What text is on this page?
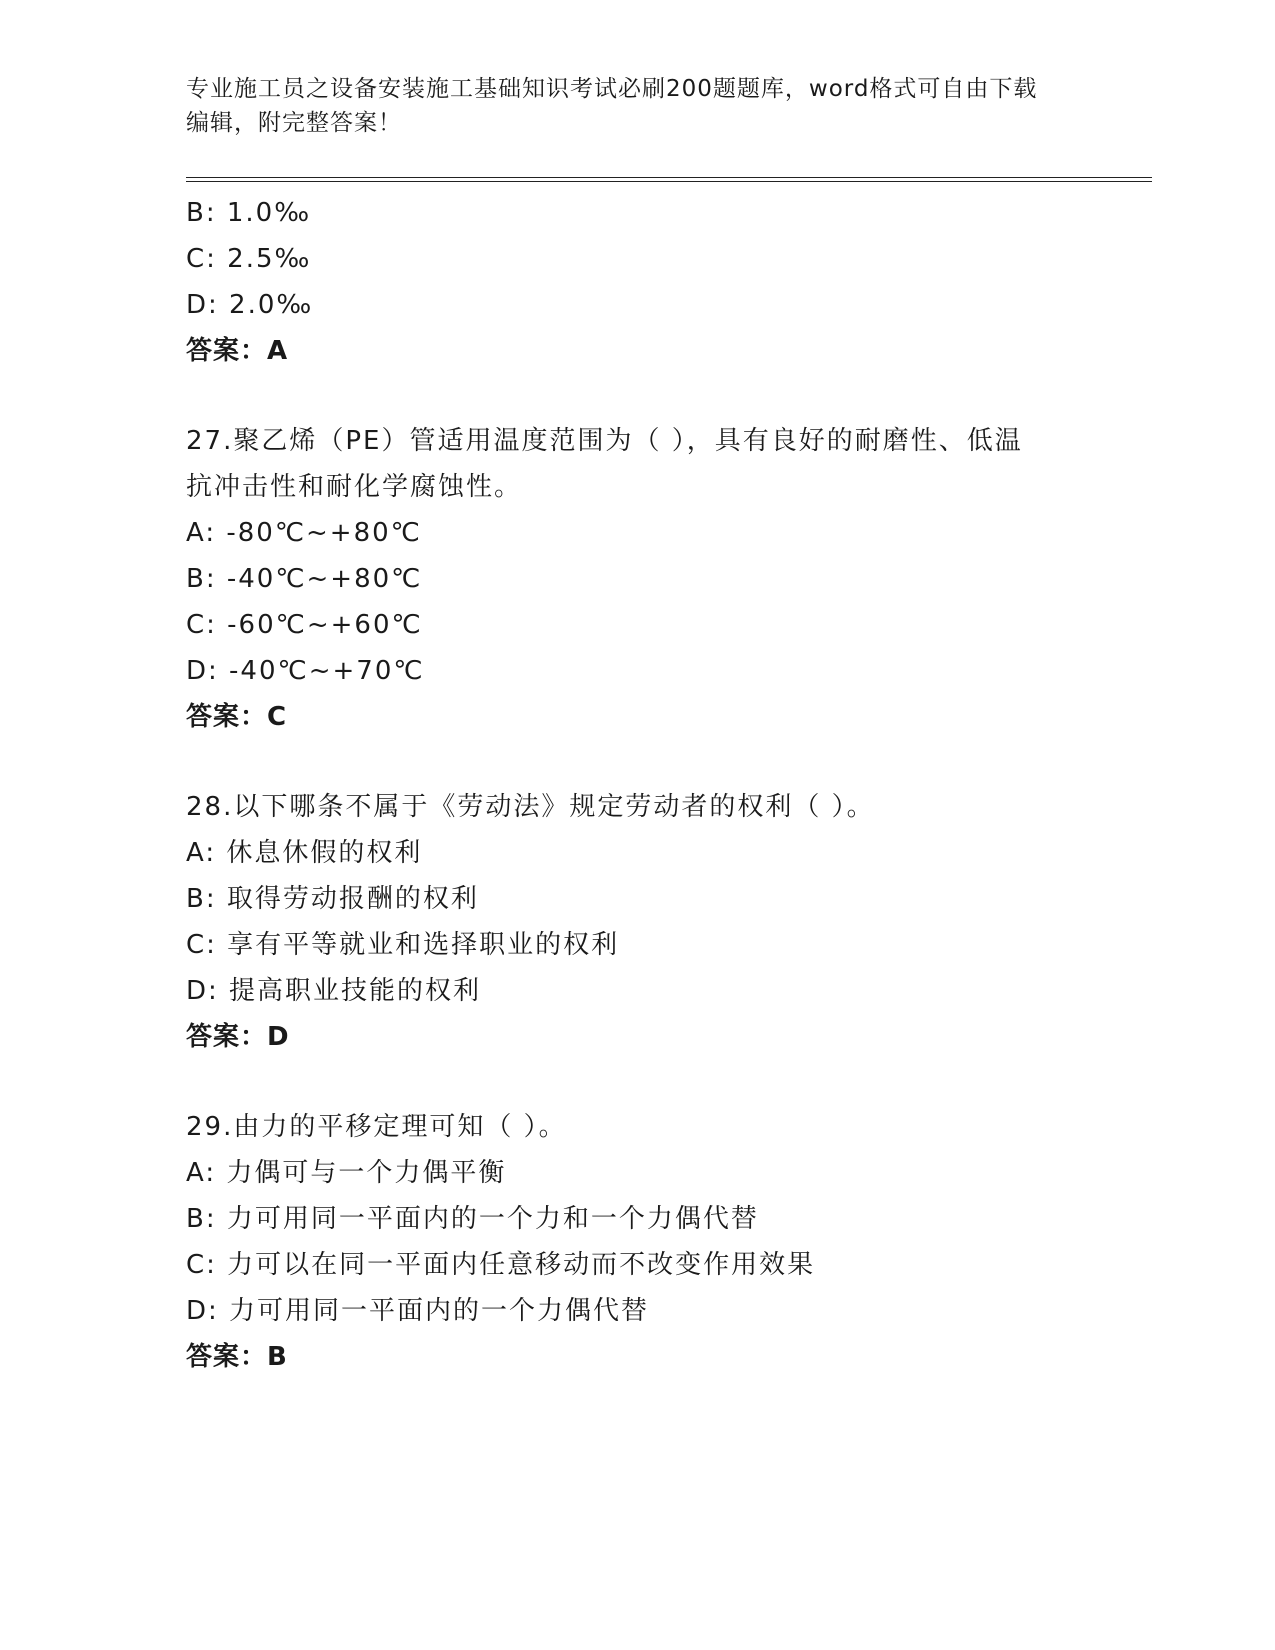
专业施工员之设备安装施工基础知识考试必刷200题题库，word格式可自由下载
编辑，附完整答案！
B: 1.0‰
C: 2.5‰
D: 2.0‰
答案：A
27.聚乙烯（PE）管适用温度范围为（ ），具有良好的耐磨性、低温
抗冲击性和耐化学腐蚀性。
A: -80℃~+80℃
B: -40℃~+80℃
C: -60℃~+60℃
D: -40℃~+70℃
答案：C
28.以下哪条不属于《劳动法》规定劳动者的权利（ ）。
A: 休息休假的权利
B: 取得劳动报酬的权利
C: 享有平等就业和选择职业的权利
D: 提高职业技能的权利
答案：D
29.由力的平移定理可知（ ）。
A: 力偶可与一个力偶平衡
B: 力可用同一平面内的一个力和一个力偶代替
C: 力可以在同一平面内任意移动而不改变作用效果
D: 力可用同一平面内的一个力偶代替
答案：B
